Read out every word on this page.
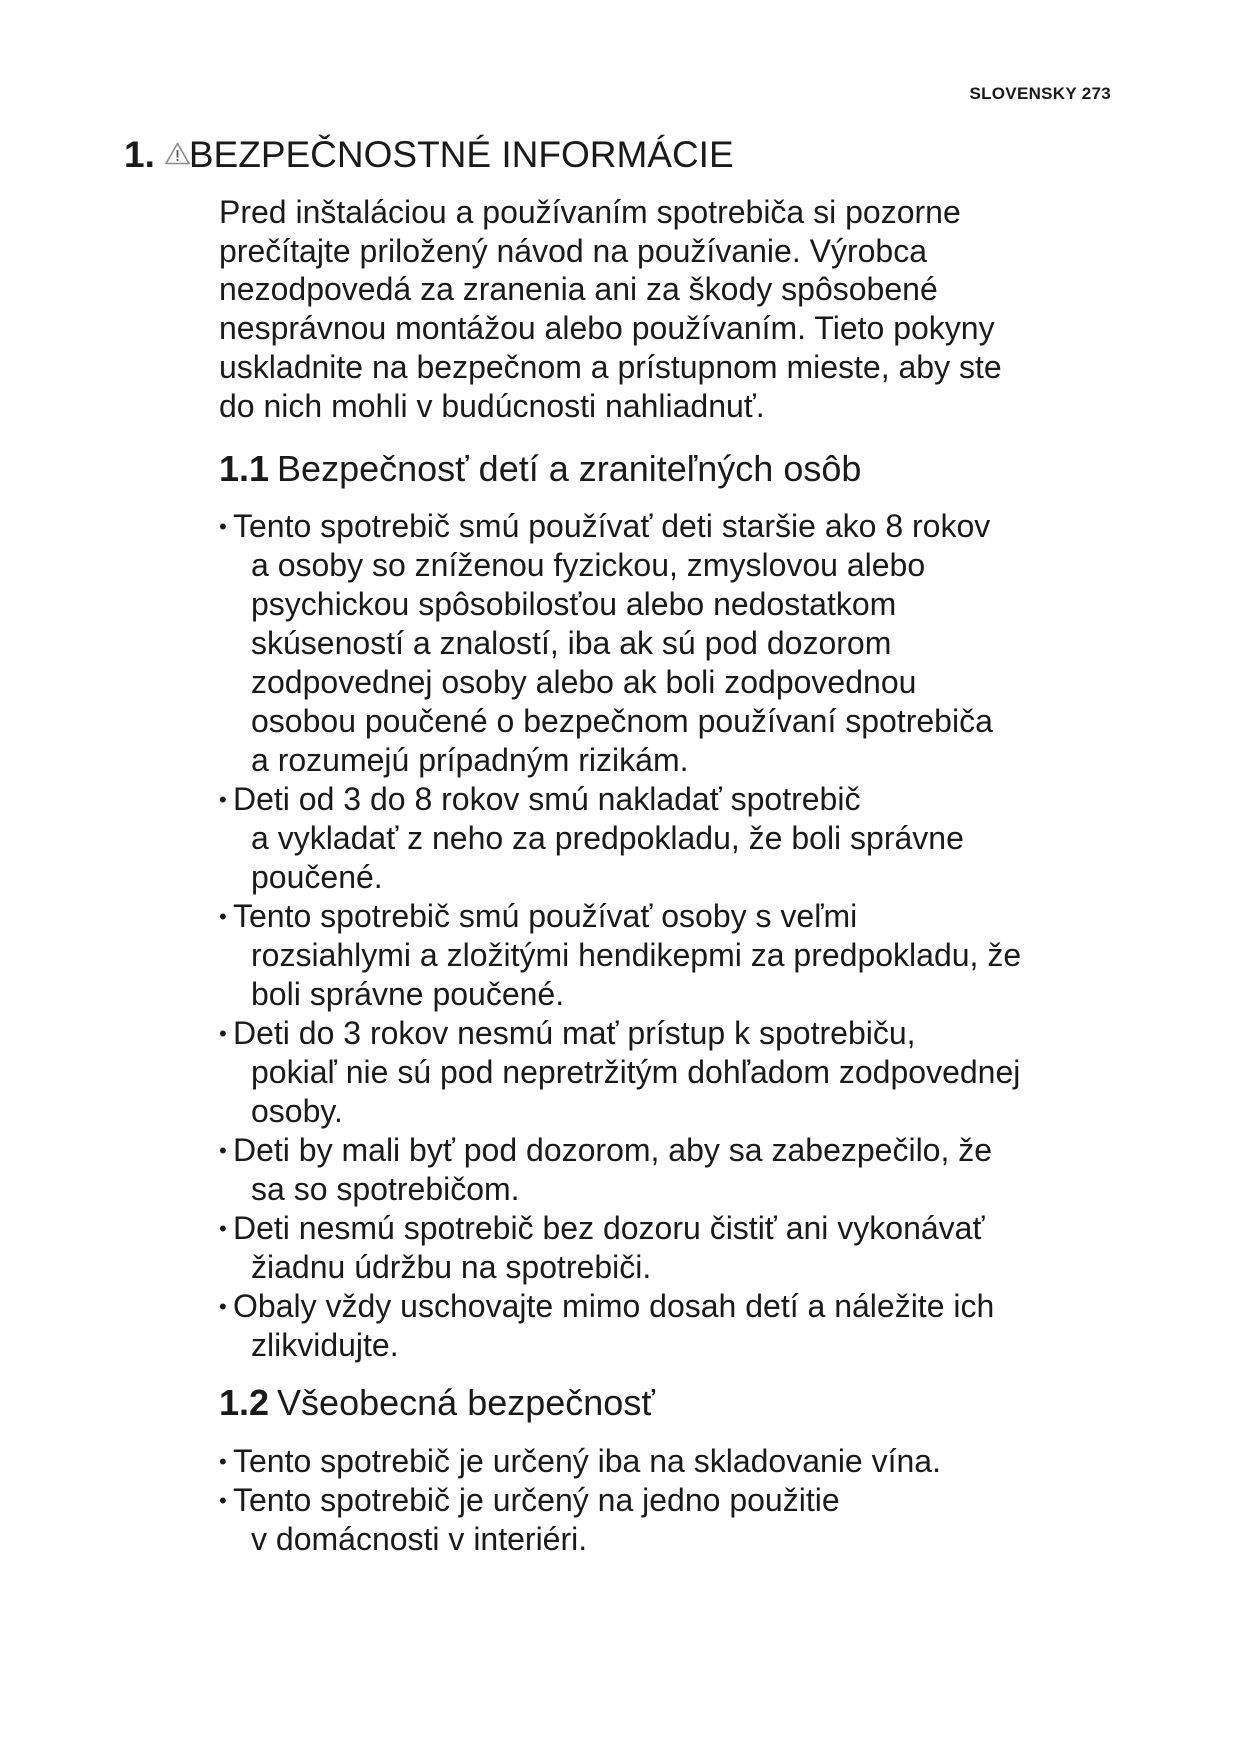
SLOVENSKY 273
1. BEZPEČNOSTNÉ INFORMÁCIE
Pred inštaláciou a používaním spotrebiča si pozorne
prečítajte priložený návod na používanie. Výrobca
nezodpovedá za zranenia ani za škody spôsobené
nesprávnou montážou alebo používaním. Tieto pokyny
uskladnite na bezpečnom a prístupnom mieste, aby ste
do nich mohli v budúcnosti nahliadnuť.
1.1 Bezpečnosť detí a zraniteľných osôb
• Tento spotrebič smú používať deti staršie ako 8 rokov
a osoby so zníženou fyzickou, zmyslovou alebo
psychickou spôsobilosťou alebo nedostatkom
skúseností a znalostí, iba ak sú pod dozorom
zodpovednej osoby alebo ak boli zodpovednou
osobou poučené o bezpečnom používaní spotrebiča
a rozumejú prípadným rizikám.
• Deti od 3 do 8 rokov smú nakladať spotrebič
a vykladať z neho za predpokladu, že boli správne
poučené.
• Tento spotrebič smú používať osoby s veľmi
rozsiahlymi a zložitými hendikepmi za predpokladu, že
boli správne poučené.
• Deti do 3 rokov nesmú mať prístup k spotrebiču,
pokiaľ nie sú pod nepretržitým dohľadom zodpovednej
osoby.
• Deti by mali byť pod dozorom, aby sa zabezpečilo, že
sa so spotrebičom.
• Deti nesmú spotrebič bez dozoru čistiť ani vykonávať
žiadnu údržbu na spotrebiči.
• Obaly vždy uschovajte mimo dosah detí a náležite ich
zlikvidujte.
1.2 Všeobecná bezpečnosť
• Tento spotrebič je určený iba na skladovanie vína.
• Tento spotrebič je určený na jedno použitie
v domácnosti v interiéri.
